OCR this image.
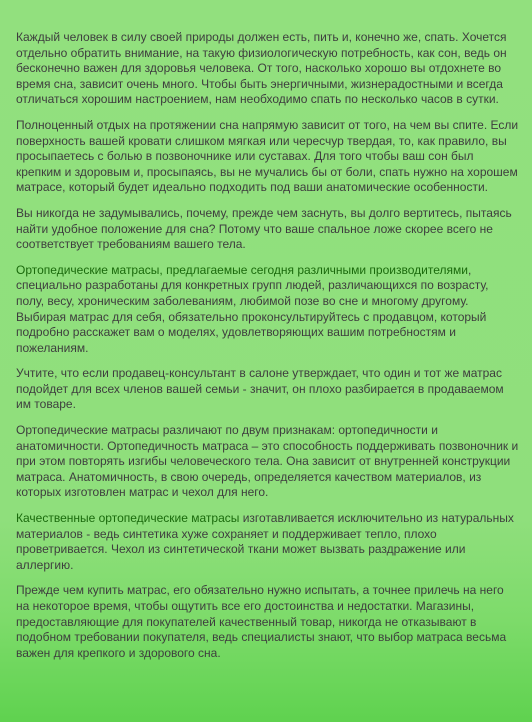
Каждый человек в силу своей природы должен есть, пить и, конечно же, спать. Хочется отдельно обратить внимание, на такую физиологическую потребность, как сон, ведь он бесконечно важен для здоровья человека. От того, насколько хорошо вы отдохнете во время сна, зависит очень много. Чтобы быть энергичными, жизнерадостными и всегда отличаться хорошим настроением, нам необходимо спать по несколько часов в сутки.

Полноценный отдых на протяжении сна напрямую зависит от того, на чем вы спите. Если поверхность вашей кровати слишком мягкая или чересчур твердая, то, как правило, вы просыпаетесь с болью в позвоночнике или суставах. Для того чтобы ваш сон был крепким и здоровым и, просыпаясь, вы не мучались бы от боли, спать нужно на хорошем матрасе, который будет идеально подходить под ваши анатомические особенности.

Вы никогда не задумывались, почему, прежде чем заснуть, вы долго вертитесь, пытаясь найти удобное положение для сна? Потому что ваше спальное ложе скорее всего не соответствует требованиям вашего тела.

Ортопедические матрасы, предлагаемые сегодня различными производителями, специально разработаны для конкретных групп людей, различающихся по возрасту, полу, весу, хроническим заболеваниям, любимой позе во сне и многому другому. Выбирая матрас для себя, обязательно проконсультируйтесь с продавцом, который подробно расскажет вам о моделях, удовлетворяющих вашим потребностям и пожеланиям.

Учтите, что если продавец-консультант в салоне утверждает, что один и тот же матрас подойдет для всех членов вашей семьи - значит, он плохо разбирается в продаваемом им товаре.

Ортопедические матрасы различают по двум признакам: ортопедичности и анатомичности. Ортопедичность матраса – это способность поддерживать позвоночник и при этом повторять изгибы человеческого тела. Она зависит от внутренней конструкции матраса. Анатомичность, в свою очередь, определяется качеством материалов, из которых изготовлен матрас и чехол для него.

Качественные ортопедические матрасы изготавливается исключительно из натуральных материалов - ведь синтетика хуже сохраняет и поддерживает тепло, плохо проветривается. Чехол из синтетической ткани может вызвать раздражение или аллергию.

Прежде чем купить матрас, его обязательно нужно испытать, а точнее прилечь на него на некоторое время, чтобы ощутить все его достоинства и недостатки. Магазины, предоставляющие для покупателей качественный товар, никогда не отказывают в подобном требовании покупателя, ведь специалисты знают, что выбор матраса весьма важен для крепкого и здорового сна.
